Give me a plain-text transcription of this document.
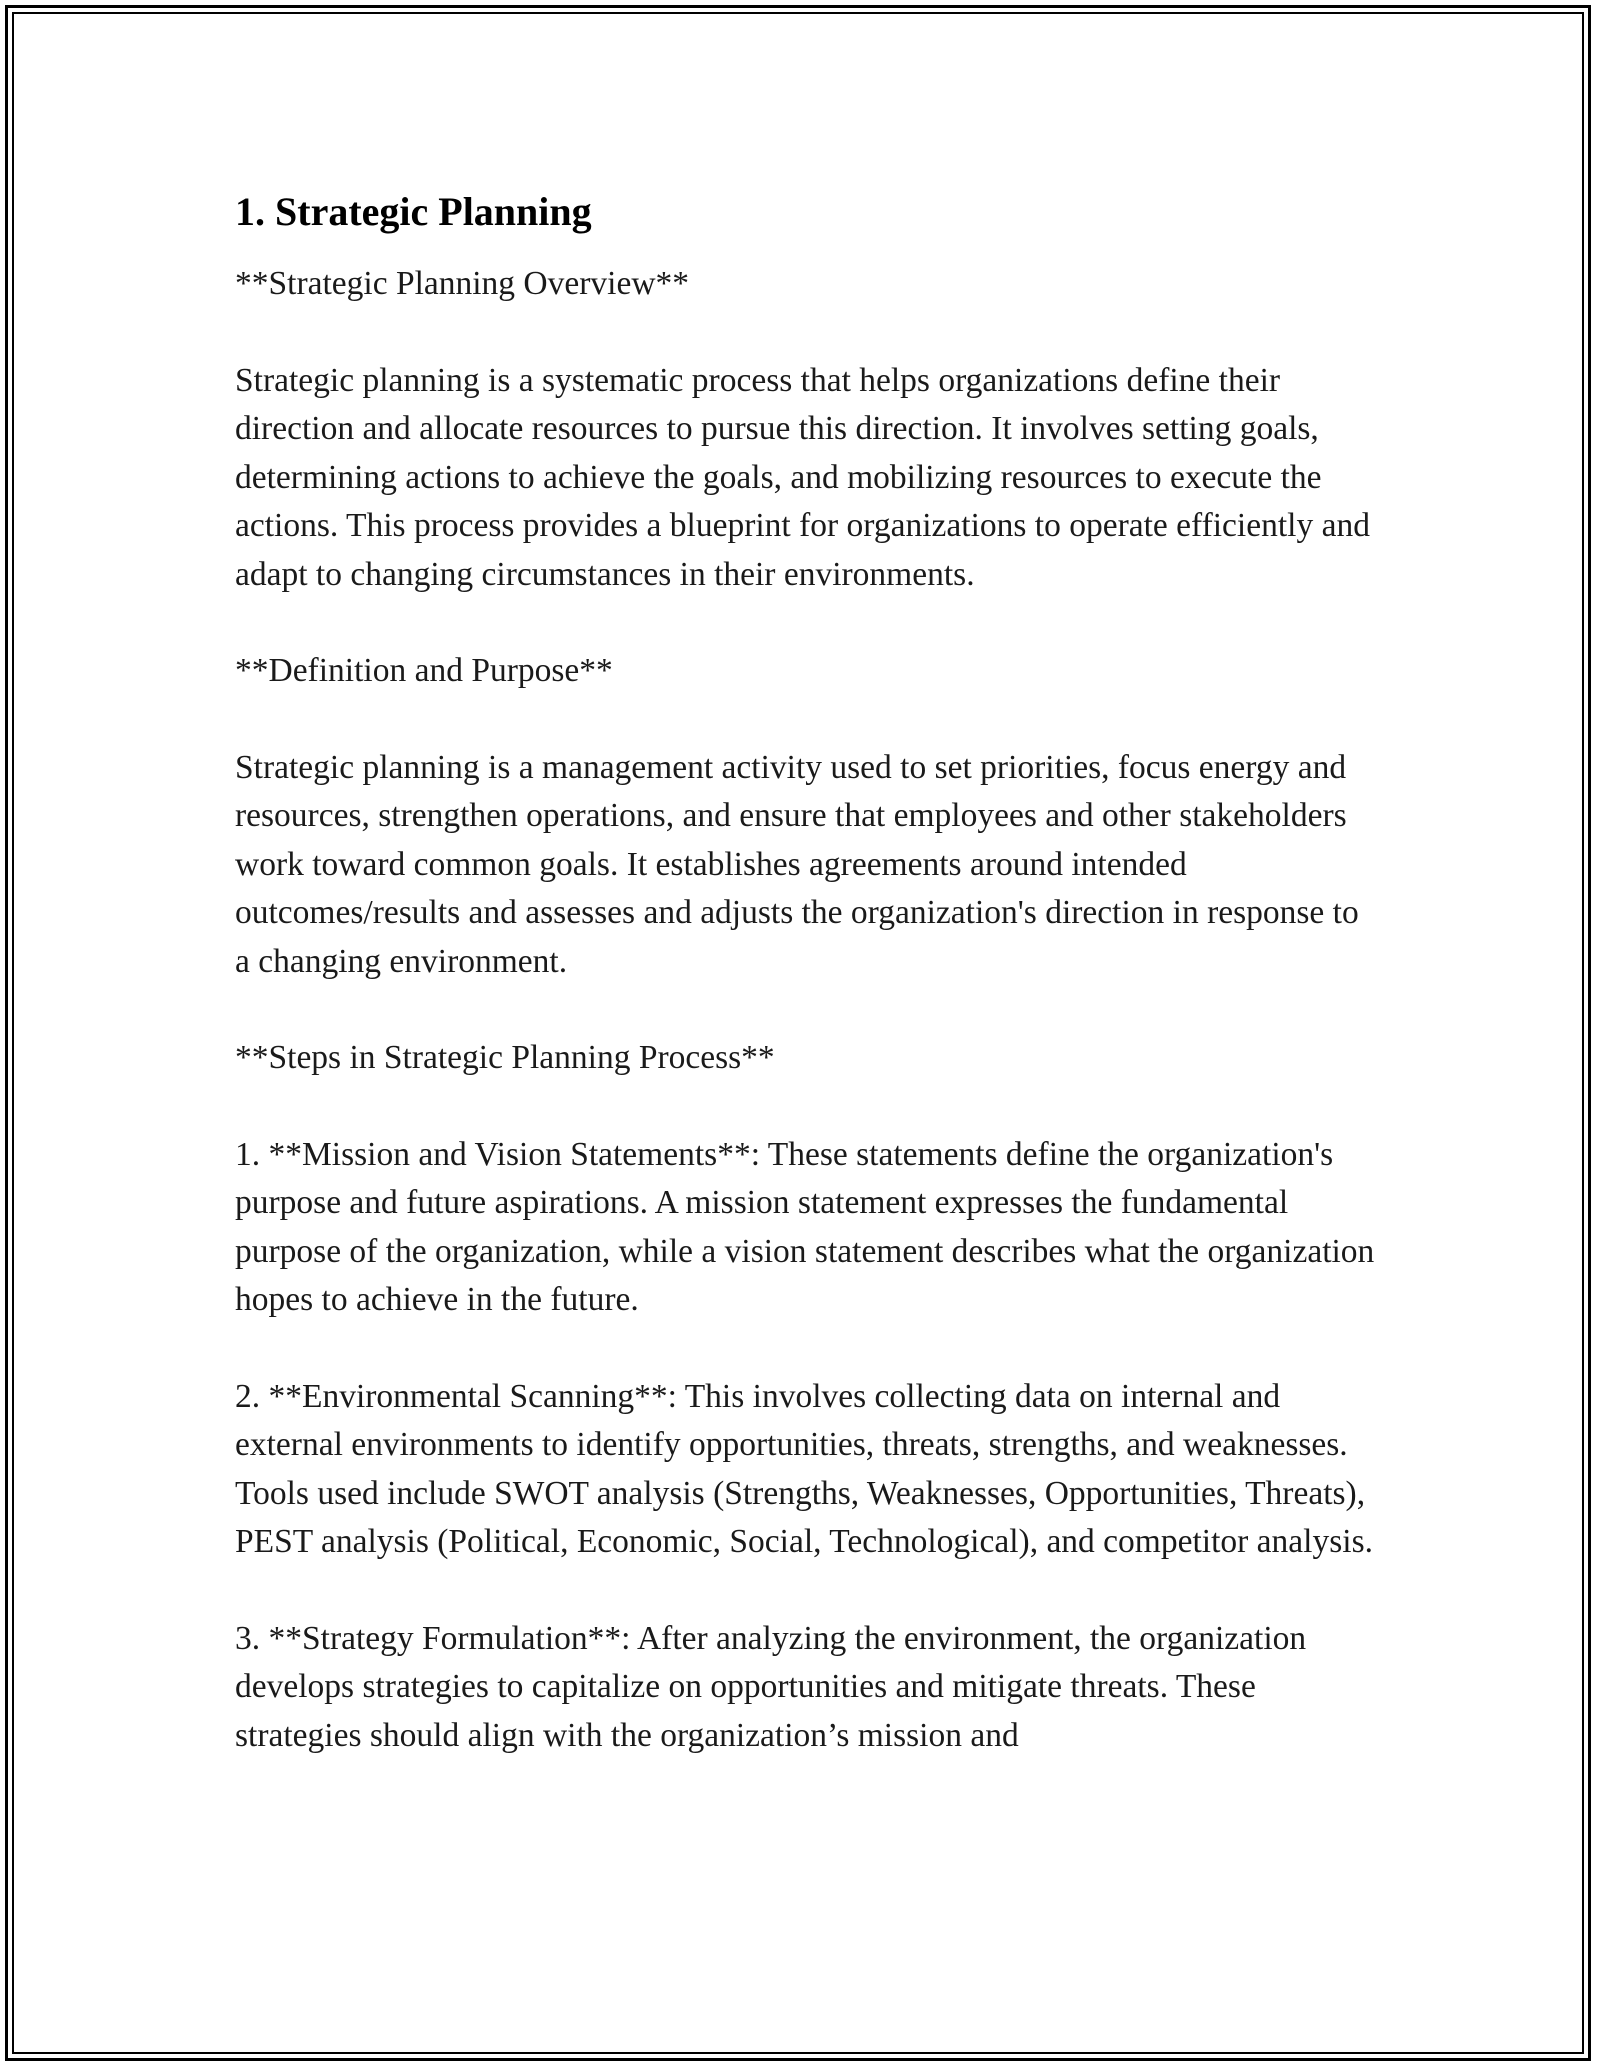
1. Strategic Planning

**Strategic Planning Overview**

Strategic planning is a systematic process that helps organizations define their direction and allocate resources to pursue this direction. It involves setting goals, determining actions to achieve the goals, and mobilizing resources to execute the actions. This process provides a blueprint for organizations to operate efficiently and adapt to changing circumstances in their environments.

**Definition and Purpose**

Strategic planning is a management activity used to set priorities, focus energy and resources, strengthen operations, and ensure that employees and other stakeholders work toward common goals. It establishes agreements around intended outcomes/results and assesses and adjusts the organization's direction in response to a changing environment.

**Steps in Strategic Planning Process**

1. **Mission and Vision Statements**: These statements define the organization's purpose and future aspirations. A mission statement expresses the fundamental purpose of the organization, while a vision statement describes what the organization hopes to achieve in the future.

2. **Environmental Scanning**: This involves collecting data on internal and external environments to identify opportunities, threats, strengths, and weaknesses. Tools used include SWOT analysis (Strengths, Weaknesses, Opportunities, Threats), PEST analysis (Political, Economic, Social, Technological), and competitor analysis.

3. **Strategy Formulation**: After analyzing the environment, the organization develops strategies to capitalize on opportunities and mitigate threats. These strategies should align with the organization’s mission and
